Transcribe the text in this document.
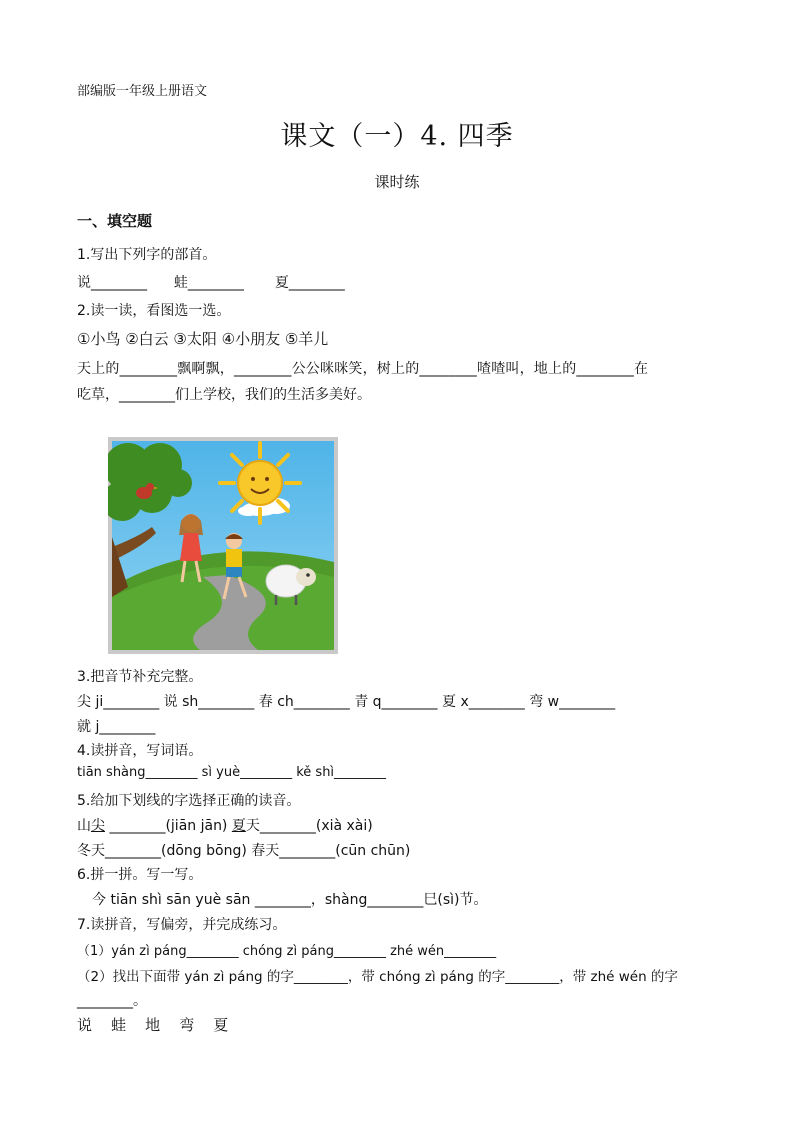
部编版一年级上册语文
课文（一）4. 四季
课时练
一、填空题
1.写出下列字的部首。
说________ 蛙________ 夏________
2.读一读，看图选一选。
①小鸟 ②白云 ③太阳 ④小朋友 ⑤羊儿
天上的________飘啊飘，________公公咪咪笑，树上的________喳喳叫，地上的________在
吃草，________们上学校，我们的生活多美好。
3.把音节补充完整。
尖 ji________ 说 sh________ 春 ch________ 青 q________ 夏 x________ 弯 w________
就 j________
4.读拼音，写词语。
tiān shàng________ sì yuè________ kě shì________
5.给加下划线的字选择正确的读音。
山尖 ________(jiān jān) 夏天________(xià xài)
冬天________(dōng bōng) 春天________(cūn chūn)
6.拼一拼。写一写。
今 tiān shì sān yuè sān ________，shàng________巳(sì)节。
7.读拼音，写偏旁，并完成练习。
（1）yán zì páng________ chóng zì páng________ zhé wén________
（2）找出下面带 yán zì páng 的字________，带 chóng zì páng 的字________，带 zhé wén 的字
________。
说    蛙    地    弯    夏
